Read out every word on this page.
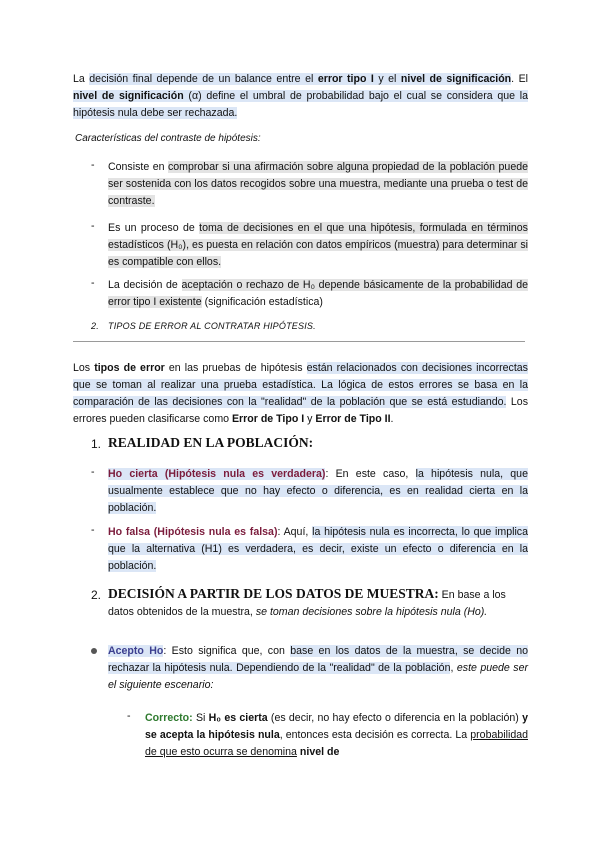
La decisión final depende de un balance entre el error tipo I y el nivel de significación. El nivel de significación (α) define el umbral de probabilidad bajo el cual se considera que la hipótesis nula debe ser rechazada.
Características del contraste de hipótesis:
- Consiste en comprobar si una afirmación sobre alguna propiedad de la población puede ser sostenida con los datos recogidos sobre una muestra, mediante una prueba o test de contraste.
- Es un proceso de toma de decisiones en el que una hipótesis, formulada en términos estadísticos (H₀), es puesta en relación con datos empíricos (muestra) para determinar si es compatible con ellos.
- La decisión de aceptación o rechazo de H₀ depende básicamente de la probabilidad de error tipo I existente (significación estadística)
2. TIPOS DE ERROR AL CONTRATAR HIPÓTESIS.
Los tipos de error en las pruebas de hipótesis están relacionados con decisiones incorrectas que se toman al realizar una prueba estadística. La lógica de estos errores se basa en la comparación de las decisiones con la "realidad" de la población que se está estudiando. Los errores pueden clasificarse como Error de Tipo I y Error de Tipo II.
1. REALIDAD EN LA POBLACIÓN:
- Ho cierta (Hipótesis nula es verdadera): En este caso, la hipótesis nula, que usualmente establece que no hay efecto o diferencia, es en realidad cierta en la población.
- Ho falsa (Hipótesis nula es falsa): Aquí, la hipótesis nula es incorrecta, lo que implica que la alternativa (H1) es verdadera, es decir, existe un efecto o diferencia en la población.
2. DECISIÓN A PARTIR DE LOS DATOS DE MUESTRA: En base a los datos obtenidos de la muestra, se toman decisiones sobre la hipótesis nula (Ho).
Acepto Ho: Esto significa que, con base en los datos de la muestra, se decide no rechazar la hipótesis nula. Dependiendo de la "realidad" de la población, este puede ser el siguiente escenario:
- Correcto: Si H₀ es cierta (es decir, no hay efecto o diferencia en la población) y se acepta la hipótesis nula, entonces esta decisión es correcta. La probabilidad de que esto ocurra se denomina nivel de
